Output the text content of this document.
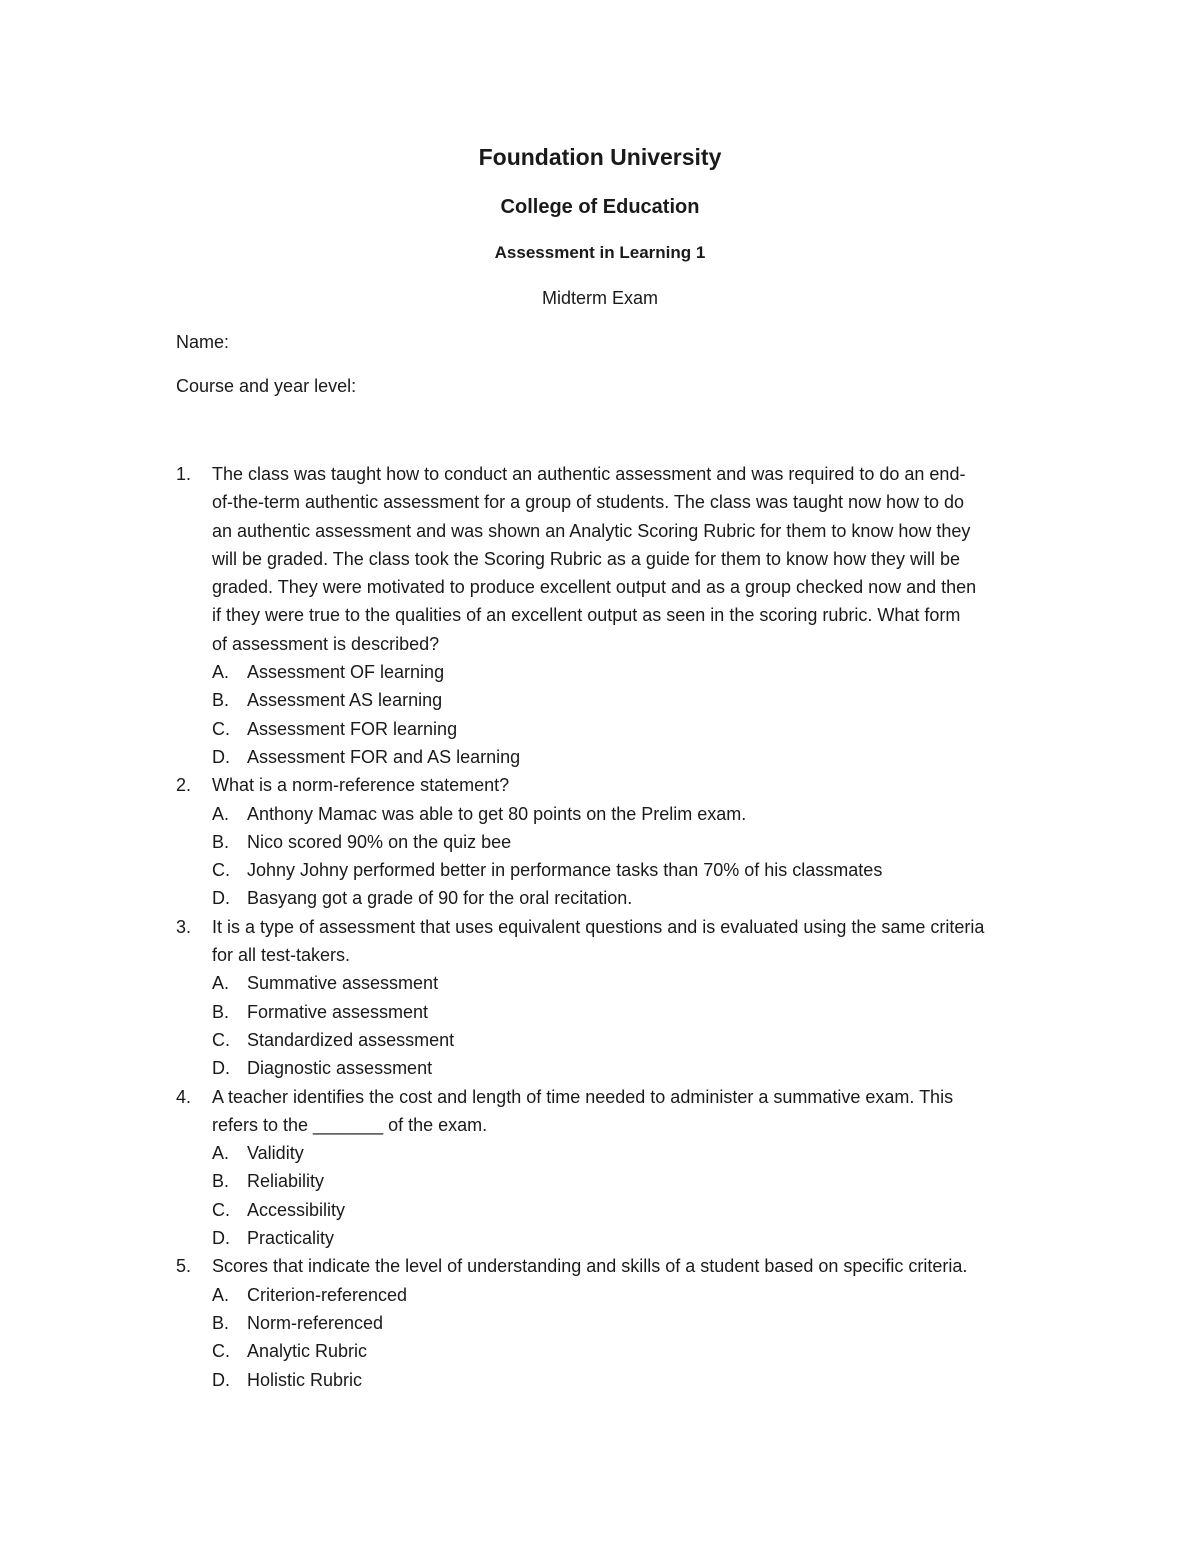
Foundation University
College of Education
Assessment in Learning 1
Midterm Exam
Name:
Course and year level:
1.	The class was taught how to conduct an authentic assessment and was required to do an end-
of-the-term authentic assessment for a group of students. The class was taught now how to do
an authentic assessment and was shown an Analytic Scoring Rubric for them to know how they
will be graded. The class took the Scoring Rubric as a guide for them to know how they will be
graded. They were motivated to produce excellent output and as a group checked now and then
if they were true to the qualities of an excellent output as seen in the scoring rubric. What form
of assessment is described?
A. Assessment OF learning
B. Assessment AS learning
C. Assessment FOR learning
D. Assessment FOR and AS learning
2.	What is a norm-reference statement?
A. Anthony Mamac was able to get 80 points on the Prelim exam.
B. Nico scored 90% on the quiz bee
C. Johny Johny performed better in performance tasks than 70% of his classmates
D. Basyang got a grade of 90 for the oral recitation.
3.	It is a type of assessment that uses equivalent questions and is evaluated using the same criteria
for all test-takers.
A. Summative assessment
B. Formative assessment
C. Standardized assessment
D. Diagnostic assessment
4.	A teacher identifies the cost and length of time needed to administer a summative exam. This
refers to the _______ of the exam.
A. Validity
B. Reliability
C. Accessibility
D. Practicality
5.	Scores that indicate the level of understanding and skills of a student based on specific criteria.
A. Criterion-referenced
B. Norm-referenced
C. Analytic Rubric
D. Holistic Rubric
